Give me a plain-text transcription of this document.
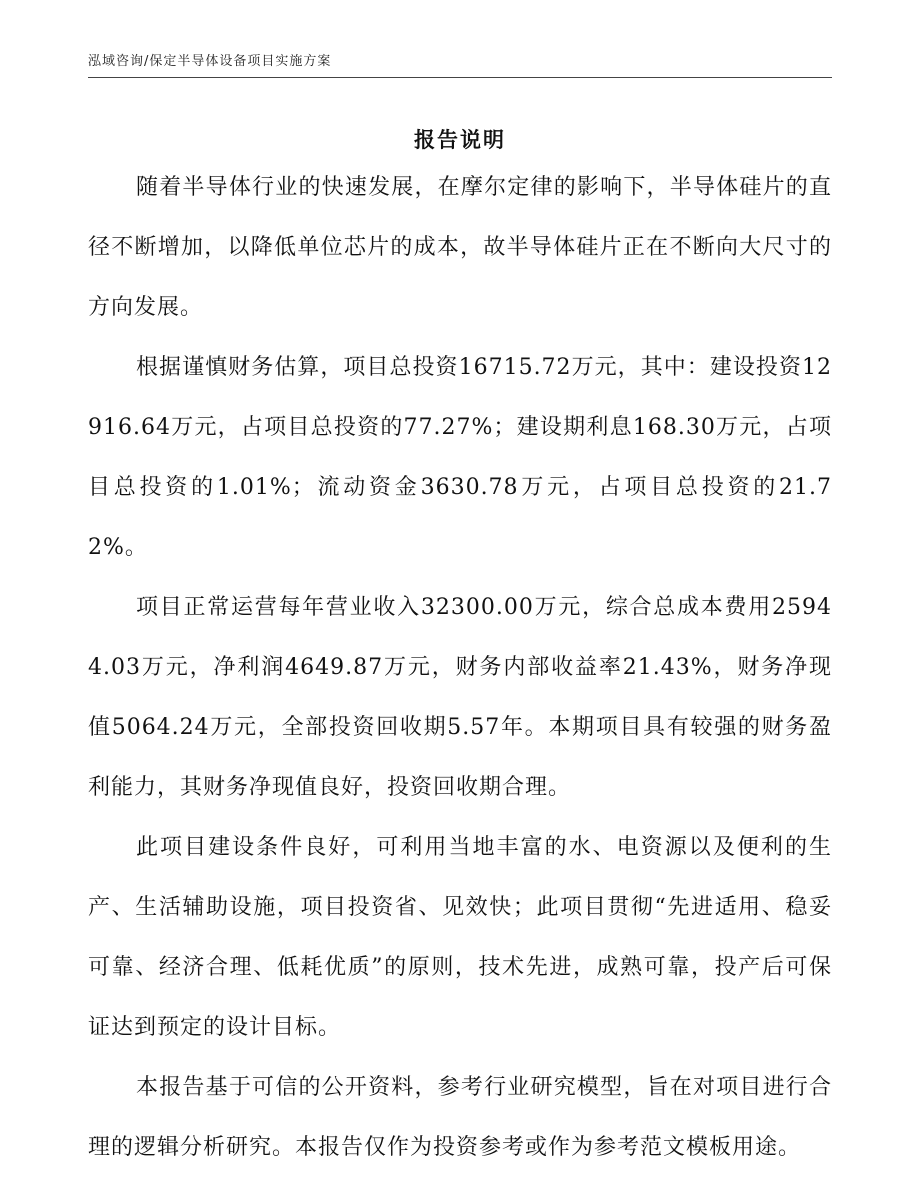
泓域咨询/保定半导体设备项目实施方案
报告说明

随着半导体行业的快速发展，在摩尔定律的影响下，半导体硅片的直径不断增加，以降低单位芯片的成本，故半导体硅片正在不断向大尺寸的方向发展。

根据谨慎财务估算，项目总投资16715.72万元，其中：建设投资12916.64万元，占项目总投资的77.27%；建设期利息168.30万元，占项目总投资的1.01%；流动资金3630.78万元，占项目总投资的21.72%。

项目正常运营每年营业收入32300.00万元，综合总成本费用25944.03万元，净利润4649.87万元，财务内部收益率21.43%，财务净现值5064.24万元，全部投资回收期5.57年。本期项目具有较强的财务盈利能力，其财务净现值良好，投资回收期合理。

此项目建设条件良好，可利用当地丰富的水、电资源以及便利的生产、生活辅助设施，项目投资省、见效快；此项目贯彻“先进适用、稳妥可靠、经济合理、低耗优质”的原则，技术先进，成熟可靠，投产后可保证达到预定的设计目标。

本报告基于可信的公开资料，参考行业研究模型，旨在对项目进行合理的逻辑分析研究。本报告仅作为投资参考或作为参考范文模板用途。
